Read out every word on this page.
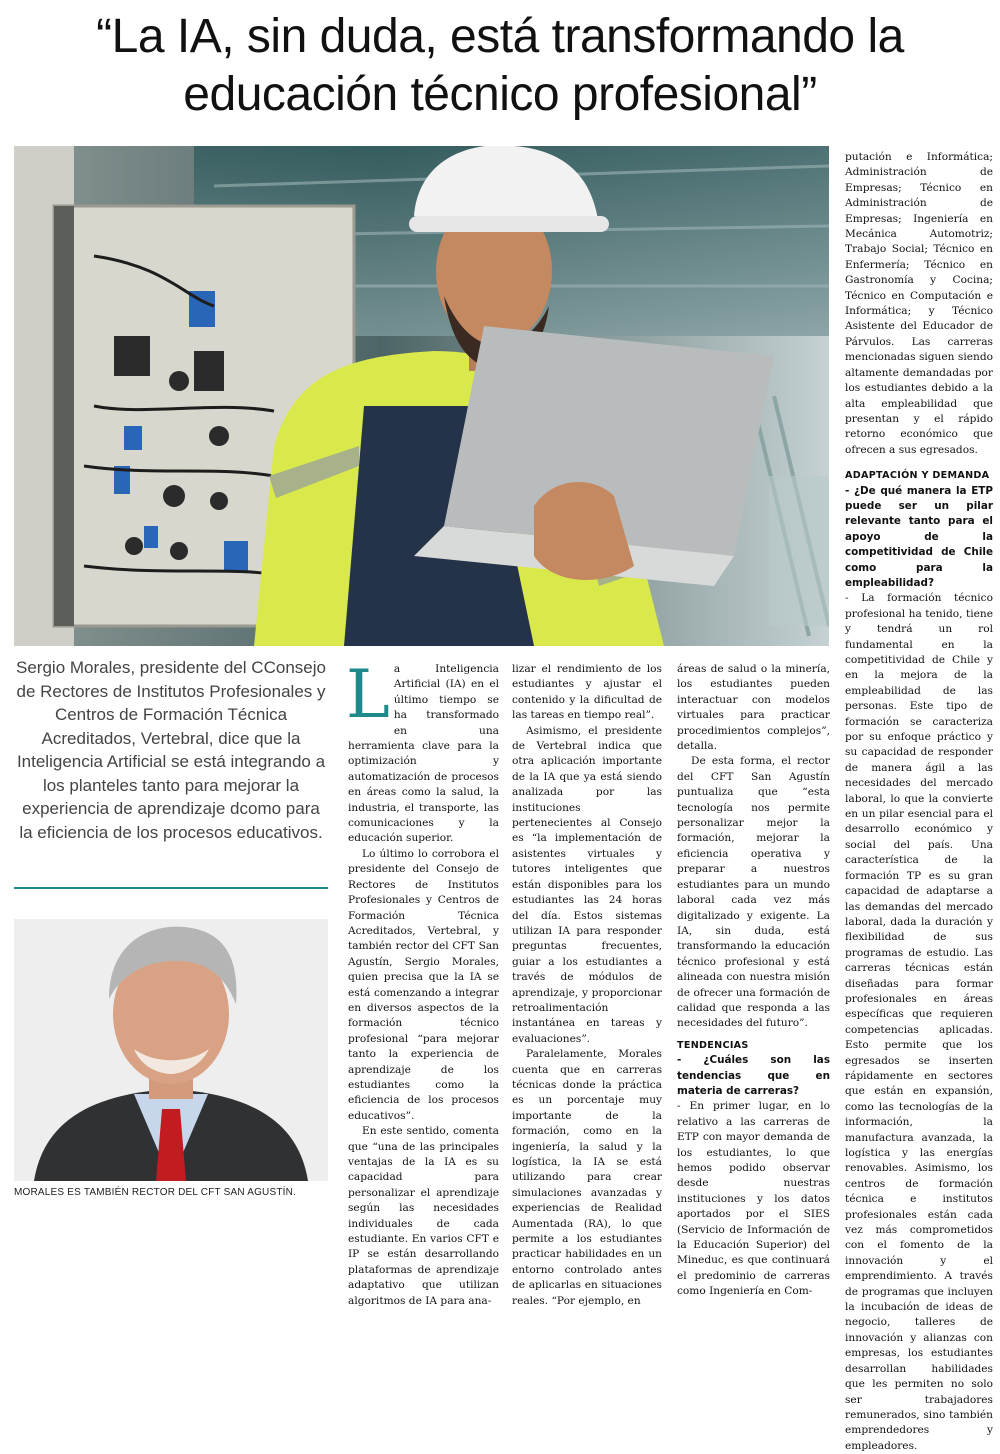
“La IA, sin duda, está transformando la
educación técnico profesional”
Sergio Morales, presidente del CConsejo de Rectores de Institutos Profesionales y Centros de Formación Técnica Acreditados, Vertebral, dice que la Inteligencia Artificial se está integrando a los planteles tanto para mejorar la experiencia de aprendizaje dcomo para la eficiencia de los procesos educativos.
MORALES ES TAMBIÉN RECTOR DEL CFT SAN AGUSTÍN.
L a Inteligencia Artificial (IA) en el último tiempo se ha transformado en una herramienta clave para la optimización y automatización de procesos en áreas como la salud, la industria, el transporte, las comunicaciones y la educación superior.

Lo último lo corrobora el presidente del Consejo de Rectores de Institutos Profesionales y Centros de Formación Técnica Acreditados, Vertebral, y también rector del CFT San Agustín, Sergio Morales, quien precisa que la IA se está comenzando a integrar en diversos aspectos de la formación técnico profesional “para mejorar tanto la experiencia de aprendizaje de los estudiantes como la eficiencia de los procesos educativos”.

En este sentido, comenta que “una de las principales ventajas de la IA es su capacidad para personalizar el aprendizaje según las necesidades individuales de cada estudiante. En varios CFT e IP se están desarrollando plataformas de aprendizaje adaptativo que utilizan algoritmos de IA para ana-

lizar el rendimiento de los estudiantes y ajustar el contenido y la dificultad de las tareas en tiempo real”.

Asimismo, el presidente de Vertebral indica que otra aplicación importante de la IA que ya está siendo analizada por las instituciones pertenecientes al Consejo es “la implementación de asistentes virtuales y tutores inteligentes que están disponibles para los estudiantes las 24 horas del día. Estos sistemas utilizan IA para responder preguntas frecuentes, guiar a los estudiantes a través de módulos de aprendizaje, y proporcionar retroalimentación instantánea en tareas y evaluaciones”.

Paralelamente, Morales cuenta que en carreras técnicas donde la práctica es un porcentaje muy importante de la formación, como en la ingeniería, la salud y la logística, la IA se está utilizando para crear simulaciones avanzadas y experiencias de Realidad Aumentada (RA), lo que permite a los estudiantes practicar habilidades en un entorno controlado antes de aplicarlas en situaciones reales. “Por ejemplo, en

áreas de salud o la minería, los estudiantes pueden interactuar con modelos virtuales para practicar procedimientos complejos”, detalla.

De esta forma, el rector del CFT San Agustín puntualiza que “esta tecnología nos permite personalizar mejor la formación, mejorar la eficiencia operativa y preparar a nuestros estudiantes para un mundo laboral cada vez más digitalizado y exigente. La IA, sin duda, está transformando la educación técnico profesional y está alineada con nuestra misión de ofrecer una formación de calidad que responda a las necesidades del futuro”.

TENDENCIAS
- ¿Cuáles son las tendencias que en materia de carreras?

- En primer lugar, en lo relativo a las carreras de ETP con mayor demanda de los estudiantes, lo que hemos podido observar desde nuestras instituciones y los datos aportados por el SIES (Servicio de Información de la Educación Superior) del Mineduc, es que continuará el predominio de carreras como Ingeniería en Com-

putación e Informática; Administración de Empresas; Técnico en Administración de Empresas; Ingeniería en Mecánica Automotriz; Trabajo Social; Técnico en Enfermería; Técnico en Gastronomía y Cocina; Técnico en Computación e Informática; y Técnico Asistente del Educador de Párvulos. Las carreras mencionadas siguen siendo altamente demandadas por los estudiantes debido a la alta empleabilidad que presentan y el rápido retorno económico que ofrecen a sus egresados.

ADAPTACIÓN Y DEMANDA
- ¿De qué manera la ETP puede ser un pilar relevante tanto para el apoyo de la competitividad de Chile como para la empleabilidad?

- La formación técnico profesional ha tenido, tiene y tendrá un rol fundamental en la competitividad de Chile y en la mejora de la empleabilidad de las personas. Este tipo de formación se caracteriza por su enfoque práctico y su capacidad de responder de manera ágil a las necesidades del mercado laboral, lo que la convierte en un pilar esencial para el desarrollo económico y social del país. Una característica de la formación TP es su gran capacidad de adaptarse a las demandas del mercado laboral, dada la duración y flexibilidad de sus programas de estudio. Las carreras técnicas están diseñadas para formar profesionales en áreas específicas que requieren competencias aplicadas. Esto permite que los egresados se inserten rápidamente en sectores que están en expansión, como las tecnologías de la información, la manufactura avanzada, la logística y las energías renovables. Asimismo, los centros de formación técnica e institutos profesionales están cada vez más comprometidos con el fomento de la innovación y el emprendimiento. A través de programas que incluyen la incubación de ideas de negocio, talleres de innovación y alianzas con empresas, los estudiantes desarrollan habilidades que les permiten no solo ser trabajadores remunerados, sino también emprendedores y empleadores.
